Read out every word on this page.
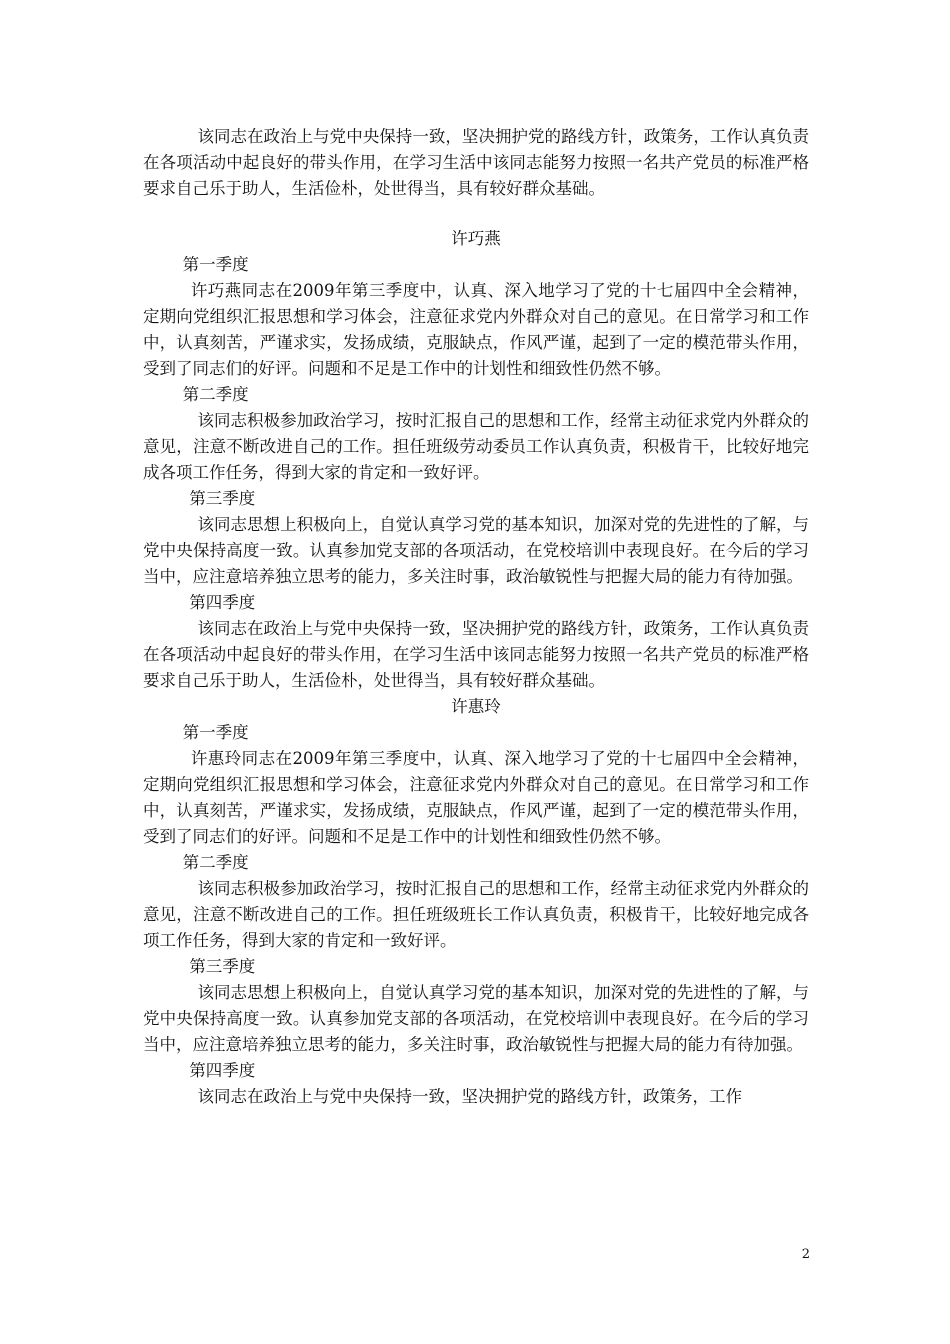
该同志在政治上与党中央保持一致，坚决拥护党的路线方针，政策务，工作认真负责在各项活动中起良好的带头作用，在学习生活中该同志能努力按照一名共产党员的标准严格要求自己乐于助人，生活俭朴，处世得当，具有较好群众基础。

许巧燕

第一季度

许巧燕同志在2009年第三季度中，认真、深入地学习了党的十七届四中全会精神，定期向党组织汇报思想和学习体会，注意征求党内外群众对自己的意见。在日常学习和工作中，认真刻苦，严谨求实，发扬成绩，克服缺点，作风严谨，起到了一定的模范带头作用，受到了同志们的好评。问题和不足是工作中的计划性和细致性仍然不够。

第二季度

该同志积极参加政治学习，按时汇报自己的思想和工作，经常主动征求党内外群众的意见，注意不断改进自己的工作。担任班级劳动委员工作认真负责，积极肯干，比较好地完成各项工作任务，得到大家的肯定和一致好评。

第三季度

该同志思想上积极向上，自觉认真学习党的基本知识，加深对党的先进性的了解，与党中央保持高度一致。认真参加党支部的各项活动，在党校培训中表现良好。在今后的学习当中，应注意培养独立思考的能力，多关注时事，政治敏锐性与把握大局的能力有待加强。

第四季度

该同志在政治上与党中央保持一致，坚决拥护党的路线方针，政策务，工作认真负责在各项活动中起良好的带头作用，在学习生活中该同志能努力按照一名共产党员的标准严格要求自己乐于助人，生活俭朴，处世得当，具有较好群众基础。

许惠玲

第一季度

许惠玲同志在2009年第三季度中，认真、深入地学习了党的十七届四中全会精神，定期向党组织汇报思想和学习体会，注意征求党内外群众对自己的意见。在日常学习和工作中，认真刻苦，严谨求实，发扬成绩，克服缺点，作风严谨，起到了一定的模范带头作用，受到了同志们的好评。问题和不足是工作中的计划性和细致性仍然不够。

第二季度

该同志积极参加政治学习，按时汇报自己的思想和工作，经常主动征求党内外群众的意见，注意不断改进自己的工作。担任班级班长工作认真负责，积极肯干，比较好地完成各项工作任务，得到大家的肯定和一致好评。

第三季度

该同志思想上积极向上，自觉认真学习党的基本知识，加深对党的先进性的了解，与党中央保持高度一致。认真参加党支部的各项活动，在党校培训中表现良好。在今后的学习当中，应注意培养独立思考的能力，多关注时事，政治敏锐性与把握大局的能力有待加强。

第四季度

该同志在政治上与党中央保持一致，坚决拥护党的路线方针，政策务，工作

2
